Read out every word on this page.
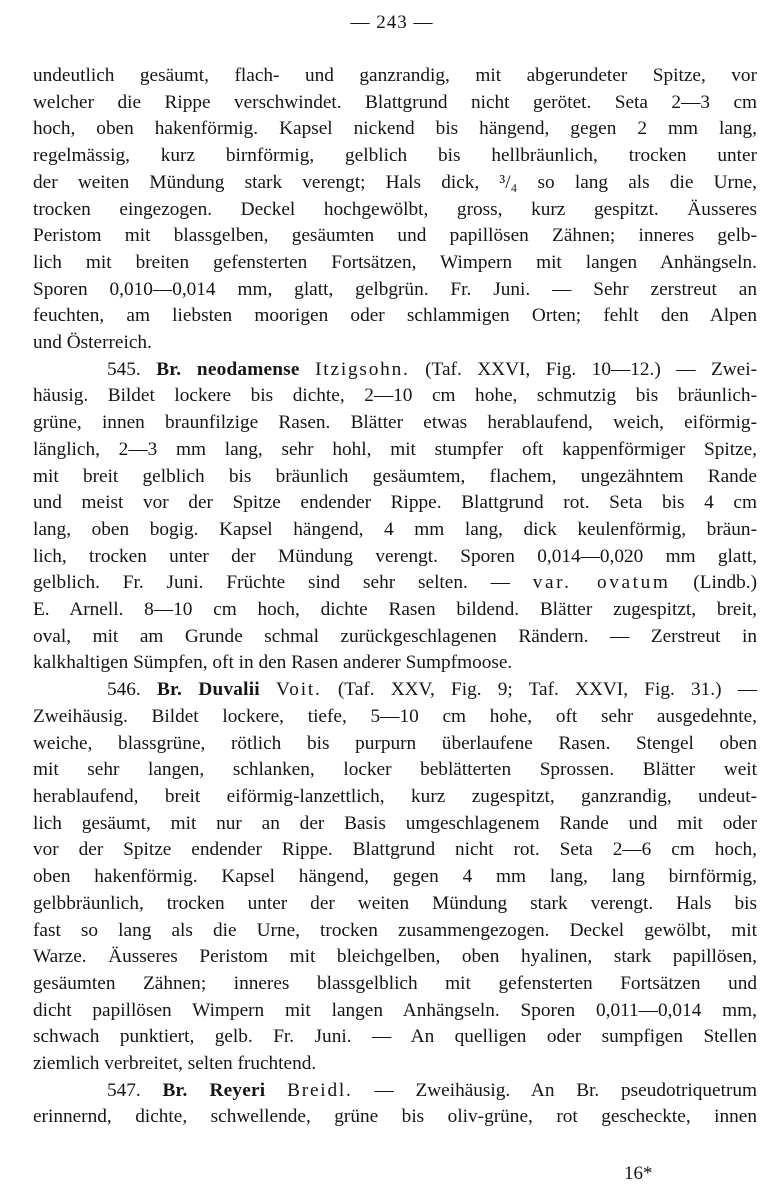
— 243 —
undeutlich gesäumt, flach- und ganzrandig, mit abgerundeter Spitze, vor
welcher die Rippe verschwindet. Blattgrund nicht gerötet. Seta 2—3 cm
hoch, oben hakenförmig. Kapsel nickend bis hängend, gegen 2 mm lang,
regelmässig, kurz birnförmig, gelblich bis hellbräunlich, trocken unter
der weiten Mündung stark verengt; Hals dick, ³/₄ so lang als die Urne,
trocken eingezogen. Deckel hochgewölbt, gross, kurz gespitzt. Äusseres
Peristom mit blassgelben, gesäumten und papillösen Zähnen; inneres gelb-
lich mit breiten gefensterten Fortsätzen, Wimpern mit langen Anhängseln.
Sporen 0,010—0,014 mm, glatt, gelbgrün. Fr. Juni. — Sehr zerstreut an
feuchten, am liebsten moorigen oder schlammigen Orten; fehlt den Alpen
und Österreich.
545. Br. neodamense Itzigsohn. (Taf. XXVI, Fig. 10—12.) — Zwei-
häusig. Bildet lockere bis dichte, 2—10 cm hohe, schmutzig bis bräunlich-
grüne, innen braunfilzige Rasen. Blätter etwas herablaufend, weich, eiförmig-
länglich, 2—3 mm lang, sehr hohl, mit stumpfer oft kappenförmiger Spitze,
mit breit gelblich bis bräunlich gesäumtem, flachem, ungezähntem Rande
und meist vor der Spitze endender Rippe. Blattgrund rot. Seta bis 4 cm
lang, oben bogig. Kapsel hängend, 4 mm lang, dick keulenförmig, bräun-
lich, trocken unter der Mündung verengt. Sporen 0,014—0,020 mm glatt,
gelblich. Fr. Juni. Früchte sind sehr selten. — var. ovatum (Lindb.)
E. Arnell. 8—10 cm hoch, dichte Rasen bildend. Blätter zugespitzt, breit,
oval, mit am Grunde schmal zurückgeschlagenen Rändern. — Zerstreut in
kalkhaltigen Sümpfen, oft in den Rasen anderer Sumpfmoose.
546. Br. Duvalii Voit. (Taf. XXV, Fig. 9; Taf. XXVI, Fig. 31.) —
Zweihäusig. Bildet lockere, tiefe, 5—10 cm hohe, oft sehr ausgedehnte,
weiche, blassgrüne, rötlich bis purpurn überlaufene Rasen. Stengel oben
mit sehr langen, schlanken, locker beblätterten Sprossen. Blätter weit
herablaufend, breit eiförmig-lanzettlich, kurz zugespitzt, ganzrandig, undeut-
lich gesäumt, mit nur an der Basis umgeschlagenem Rande und mit oder
vor der Spitze endender Rippe. Blattgrund nicht rot. Seta 2—6 cm hoch,
oben hakenförmig. Kapsel hängend, gegen 4 mm lang, lang birnförmig,
gelbbräunlich, trocken unter der weiten Mündung stark verengt. Hals bis
fast so lang als die Urne, trocken zusammengezogen. Deckel gewölbt, mit
Warze. Äusseres Peristom mit bleichgelben, oben hyalinen, stark papillösen,
gesäumten Zähnen; inneres blassgelblich mit gefensterten Fortsätzen und
dicht papillösen Wimpern mit langen Anhängseln. Sporen 0,011—0,014 mm,
schwach punktiert, gelb. Fr. Juni. — An quelligen oder sumpfigen Stellen
ziemlich verbreitet, selten fruchtend.
547. Br. Reyeri Breidl. — Zweihäusig. An Br. pseudotriquetrum
erinnernd, dichte, schwellende, grüne bis oliv-grüne, rot gescheckte, innen
16*
